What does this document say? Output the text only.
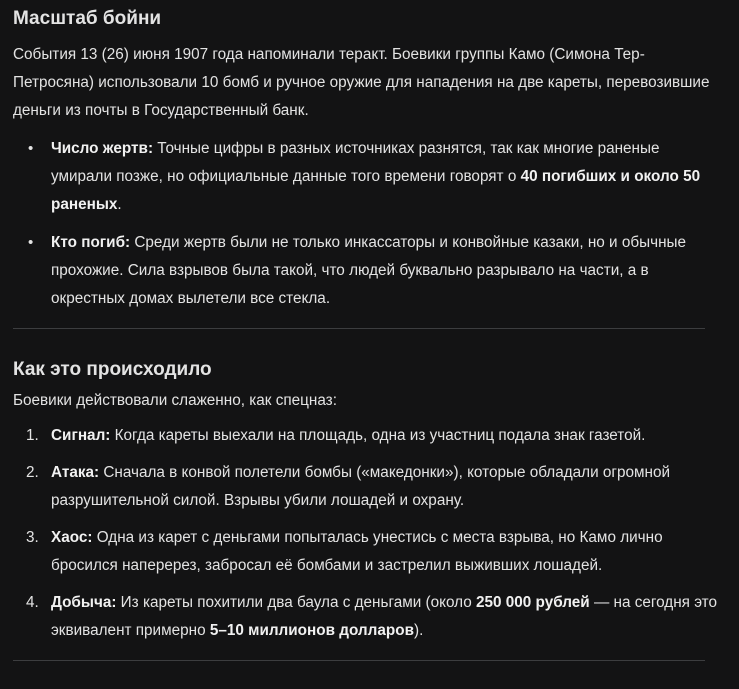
Масштаб бойни

События 13 (26) июня 1907 года напоминали теракт. Боевики группы Камо (Симона Тер-Петросяна) использовали 10 бомб и ручное оружие для нападения на две кареты, перевозившие деньги из почты в Государственный банк.

• Число жертв: Точные цифры в разных источниках разнятся, так как многие раненые умирали позже, но официальные данные того времени говорят о 40 погибших и около 50 раненых.
• Кто погиб: Среди жертв были не только инкассаторы и конвойные казаки, но и обычные прохожие. Сила взрывов была такой, что людей буквально разрывало на части, а в окрестных домах вылетели все стекла.
Как это происходило

Боевики действовали слаженно, как спецназ:

1. Сигнал: Когда кареты выехали на площадь, одна из участниц подала знак газетой.
2. Атака: Сначала в конвой полетели бомбы («македонки»), которые обладали огромной разрушительной силой. Взрывы убили лошадей и охрану.
3. Хаос: Одна из карет с деньгами попыталась унестись с места взрыва, но Камо лично бросился наперерез, забросал её бомбами и застрелил выживших лошадей.
4. Добыча: Из кареты похитили два баула с деньгами (около 250 000 рублей — на сегодня это эквивалент примерно 5–10 миллионов долларов).
